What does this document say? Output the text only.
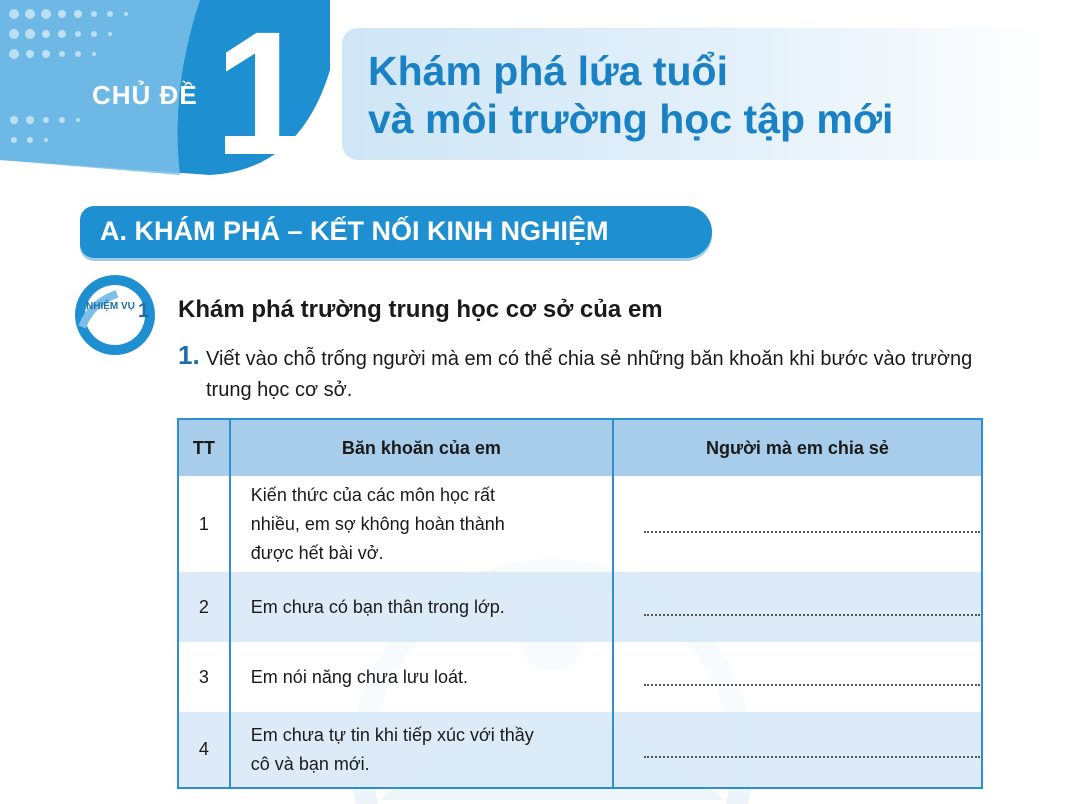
CHỦ ĐỀ 1 Khám phá lứa tuổi
và môi trường học tập mới
A. KHÁM PHÁ – KẾT NỐI KINH NGHIỆM
NHIỆM VỤ 1 Khám phá trường trung học cơ sở của em
1. Viết vào chỗ trống người mà em có thể chia sẻ những băn khoăn khi bước vào trường trung học cơ sở.
TT	Băn khoăn của em	Người mà em chia sẻ
1	Kiến thức của các môn học rất nhiều, em sợ không hoàn thành được hết bài vở.	

2	Em chưa có bạn thân trong lớp.	

3	Em nói năng chưa lưu loát.	

4	Em chưa tự tin khi tiếp xúc với thầy cô và bạn mới.	
